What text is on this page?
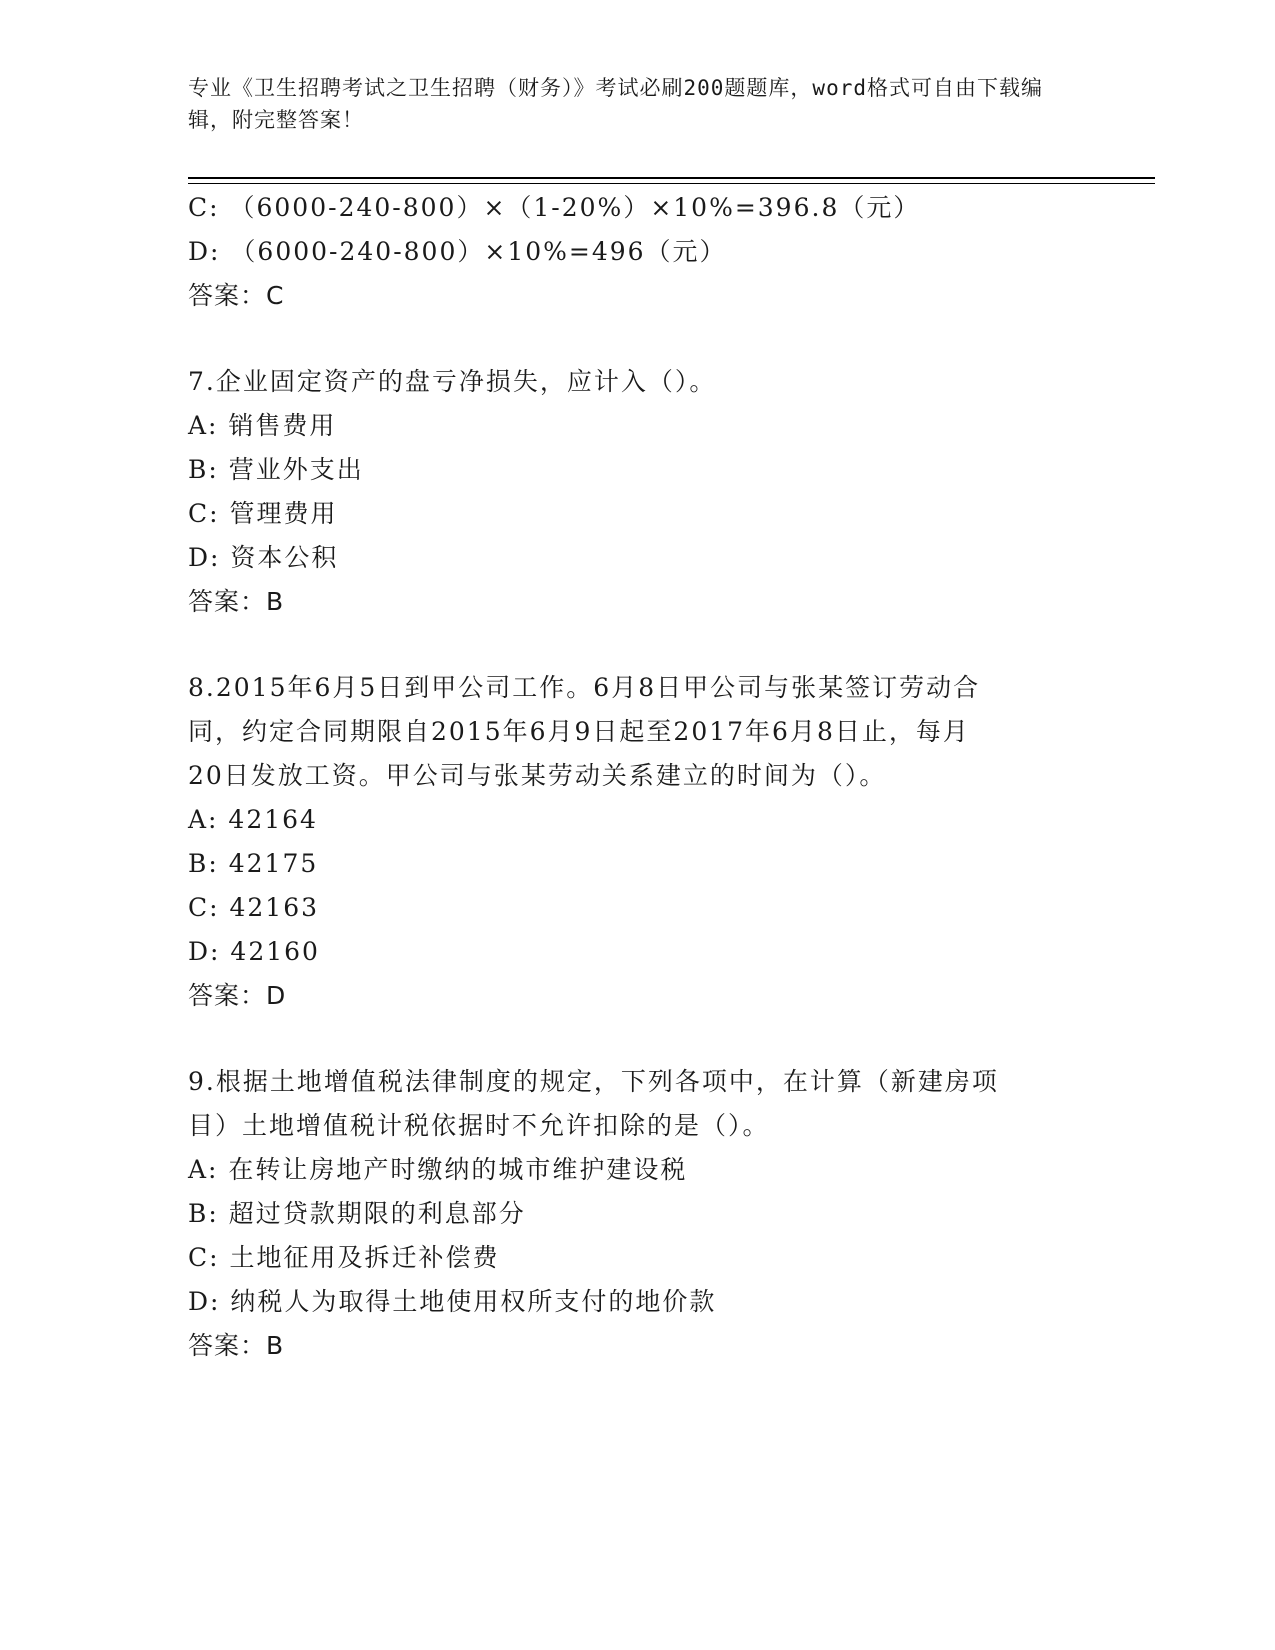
专业《卫生招聘考试之卫生招聘（财务）》考试必刷200题题库，word格式可自由下载编辑，附完整答案！
C: （6000-240-800）×（1-20%）×10%=396.8（元）
D: （6000-240-800）×10%=496（元）
答案：C
7.企业固定资产的盘亏净损失，应计入（）。
A: 销售费用
B: 营业外支出
C: 管理费用
D: 资本公积
答案：B
8.2015年6月5日到甲公司工作。6月8日甲公司与张某签订劳动合
同，约定合同期限自2015年6月9日起至2017年6月8日止，每月
20日发放工资。甲公司与张某劳动关系建立的时间为（）。
A: 42164
B: 42175
C: 42163
D: 42160
答案：D
9.根据土地增值税法律制度的规定，下列各项中，在计算（新建房项
目）土地增值税计税依据时不允许扣除的是（）。
A: 在转让房地产时缴纳的城市维护建设税
B: 超过贷款期限的利息部分
C: 土地征用及拆迁补偿费
D: 纳税人为取得土地使用权所支付的地价款
答案：B
